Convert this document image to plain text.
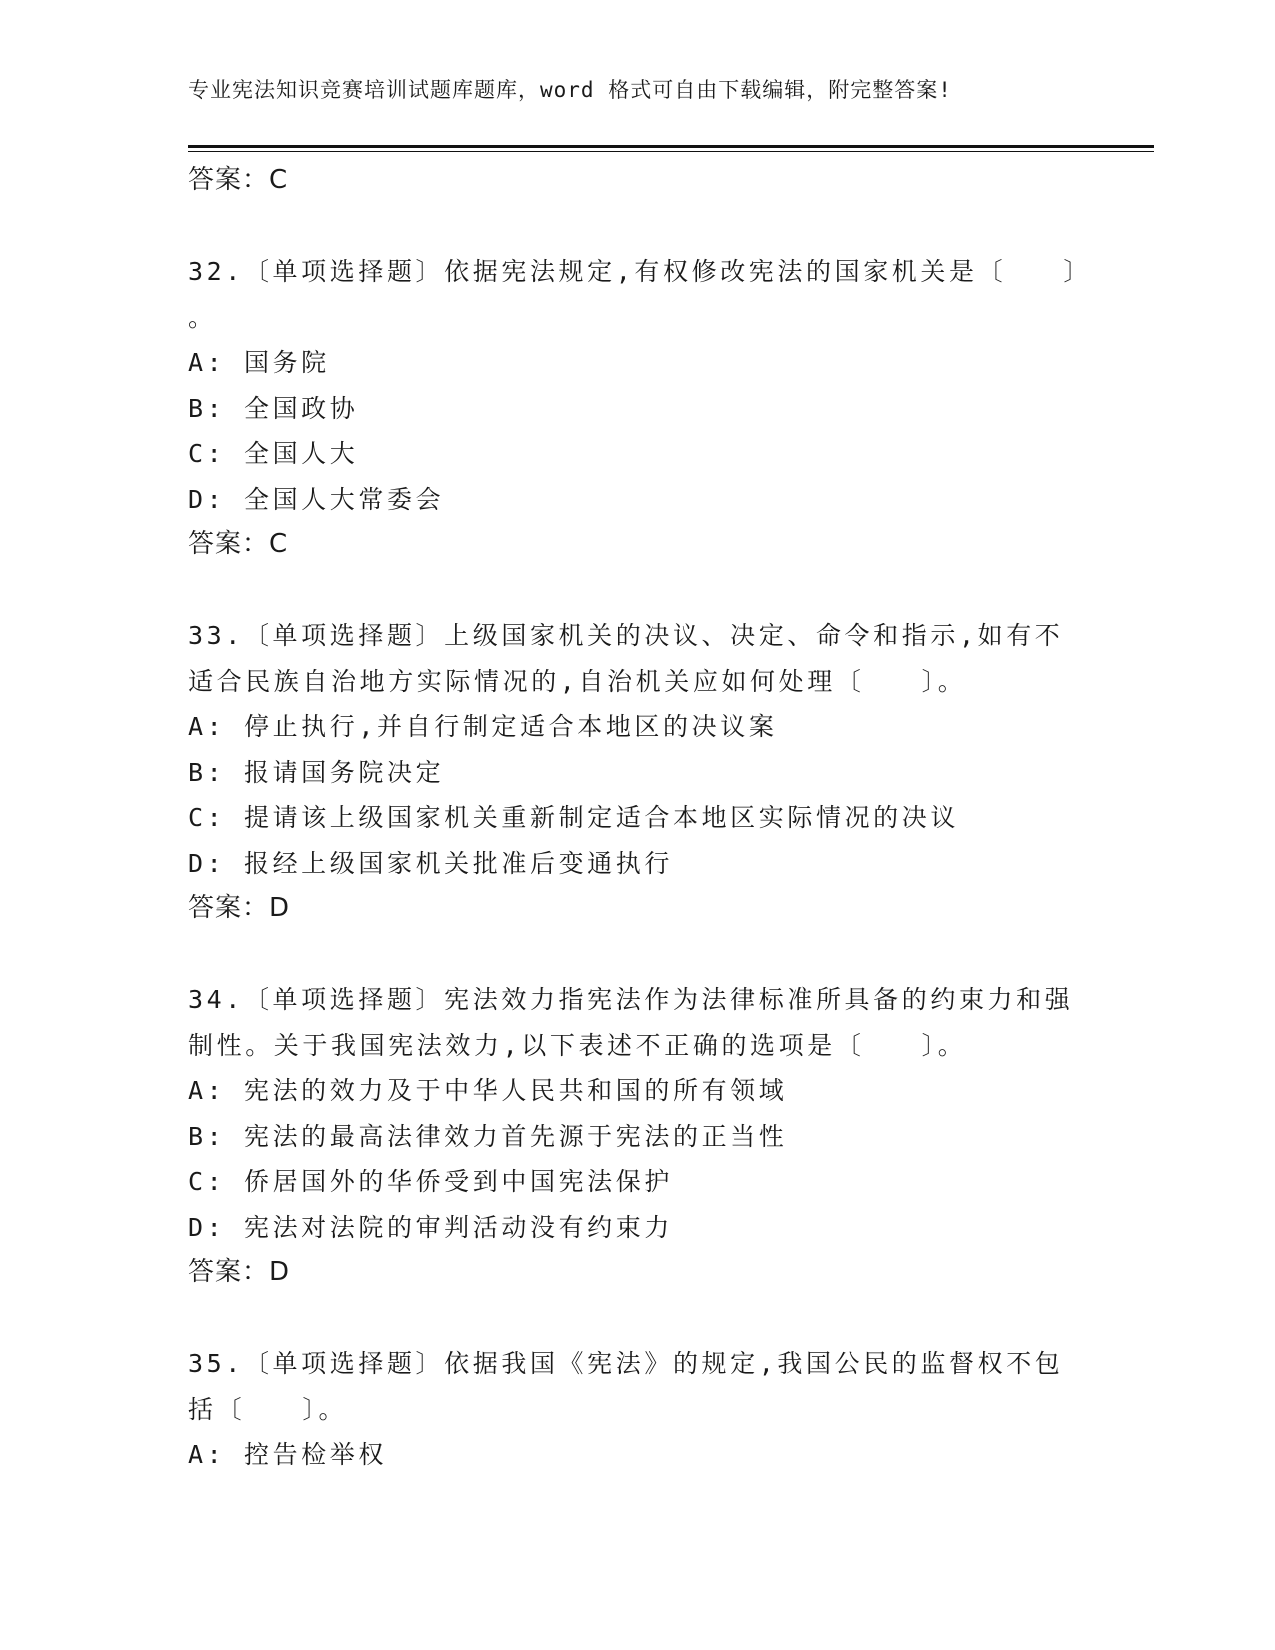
专业宪法知识竞赛培训试题库题库，word 格式可自由下载编辑，附完整答案!
答案：C
32.〔单项选择题〕依据宪法规定,有权修改宪法的国家机关是〔　　〕
。
A: 国务院
B: 全国政协
C: 全国人大
D: 全国人大常委会
答案：C
33.〔单项选择题〕上级国家机关的决议、决定、命令和指示,如有不
适合民族自治地方实际情况的,自治机关应如何处理〔　　〕。
A: 停止执行,并自行制定适合本地区的决议案
B: 报请国务院决定
C: 提请该上级国家机关重新制定适合本地区实际情况的决议
D: 报经上级国家机关批准后变通执行
答案：D
34.〔单项选择题〕宪法效力指宪法作为法律标准所具备的约束力和强
制性。关于我国宪法效力,以下表述不正确的选项是〔　　〕。
A: 宪法的效力及于中华人民共和国的所有领域
B: 宪法的最高法律效力首先源于宪法的正当性
C: 侨居国外的华侨受到中国宪法保护
D: 宪法对法院的审判活动没有约束力
答案：D
35.〔单项选择题〕依据我国《宪法》的规定,我国公民的监督权不包
括〔　　〕。
A: 控告检举权
